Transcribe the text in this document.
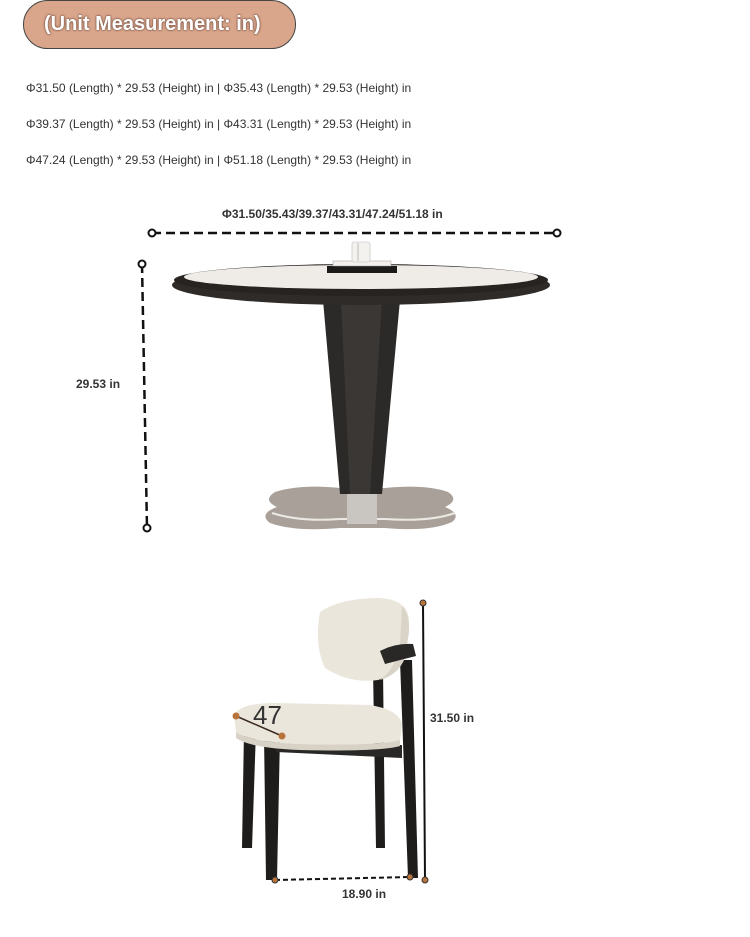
(Unit Measurement: in)
Φ31.50 (Length) * 29.53 (Height) in | Φ35.43 (Length) * 29.53 (Height) in
Φ39.37 (Length) * 29.53 (Height) in | Φ43.31 (Length) * 29.53 (Height) in
Φ47.24 (Length) * 29.53 (Height) in | Φ51.18 (Length) * 29.53 (Height) in
Φ31.50/35.43/39.37/43.31/47.24/51.18 in
29.53 in
47	31.50 in
18.90 in
